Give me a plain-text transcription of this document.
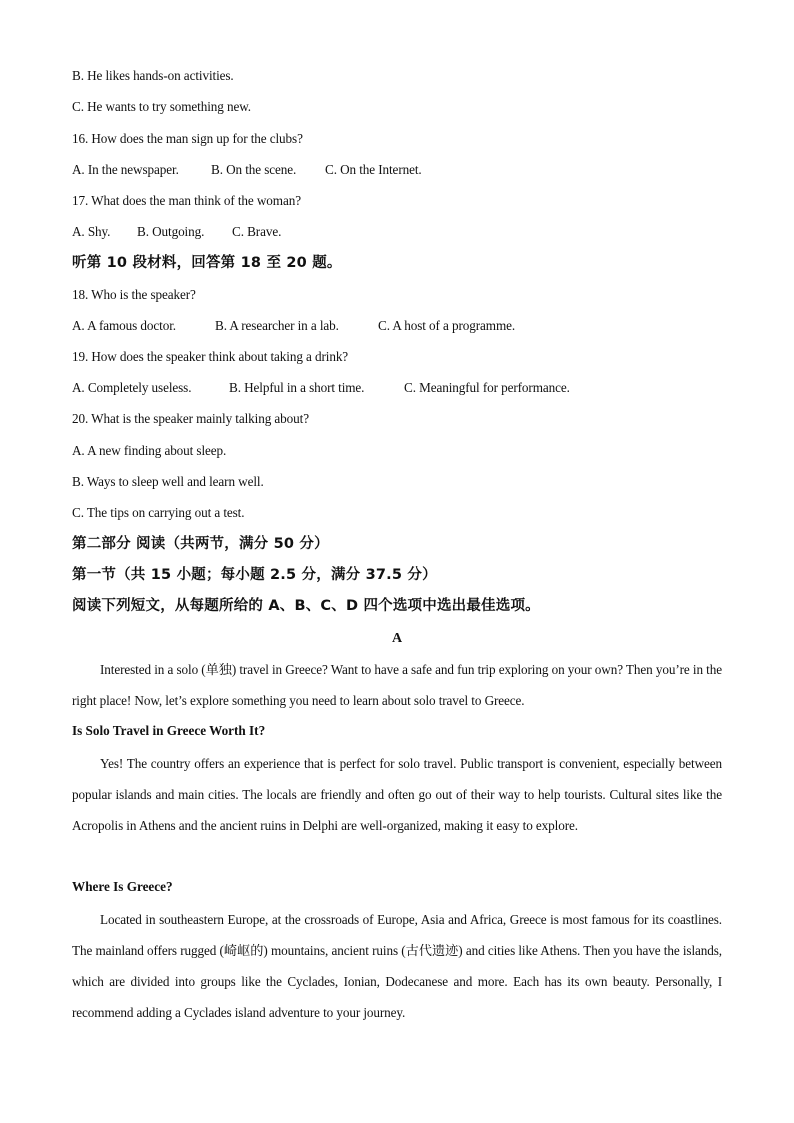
B. He likes hands-on activities.
C. He wants to try something new.
16. How does the man sign up for the clubs?
A. In the newspaper. B. On the scene. C. On the Internet.
17. What does the man think of the woman?
A. Shy. B. Outgoing. C. Brave.
听第 10 段材料，回答第 18 至 20 题。
18. Who is the speaker?
A. A famous doctor.	B. A researcher in a lab.	C. A host of a programme.
19. How does the speaker think about taking a drink?
A. Completely useless.	B. Helpful in a short time.	C. Meaningful for performance.
20. What is the speaker mainly talking about?
A. A new finding about sleep.
B. Ways to sleep well and learn well.
C. The tips on carrying out a test.
第二部分 阅读（共两节，满分 50 分）
第一节（共 15 小题；每小题 2.5 分，满分 37.5 分）
阅读下列短文，从每题所给的 A、B、C、D 四个选项中选出最佳选项。
A
Interested in a solo (单独) travel in Greece? Want to have a safe and fun trip exploring on your own? Then you’re in the right place! Now, let’s explore something you need to learn about solo travel to Greece.
Is Solo Travel in Greece Worth It?
Yes! The country offers an experience that is perfect for solo travel. Public transport is convenient, especially between popular islands and main cities. The locals are friendly and often go out of their way to help tourists. Cultural sites like the Acropolis in Athens and the ancient ruins in Delphi are well-organized, making it easy to explore.
Where Is Greece?
Located in southeastern Europe, at the crossroads of Europe, Asia and Africa, Greece is most famous for its coastlines. The mainland offers rugged (崎岖的) mountains, ancient ruins (古代遗迹) and cities like Athens. Then you have the islands, which are divided into groups like the Cyclades, Ionian, Dodecanese and more. Each has its own beauty. Personally, I recommend adding a Cyclades island adventure to your journey.
